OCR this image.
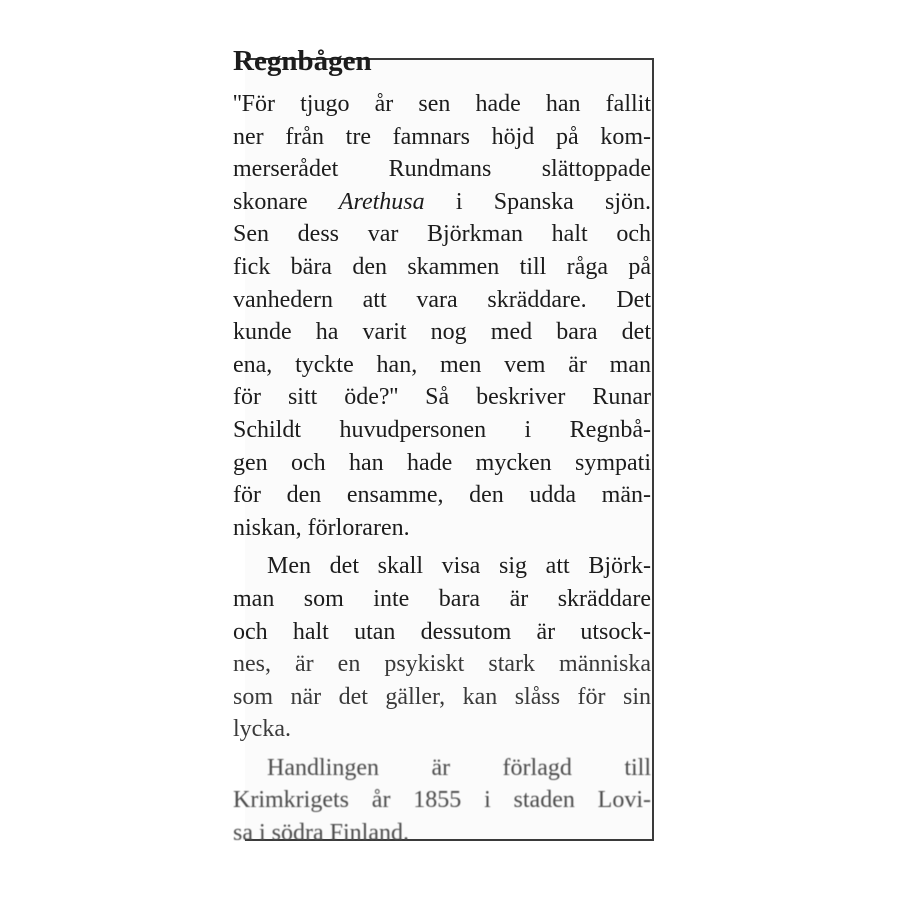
Regnbågen
''För tjugo år sen hade han fallit
ner från tre famnars höjd på kom-
merserådet Rundmans slättoppade
skonare Arethusa i Spanska sjön.
Sen dess var Björkman halt och
fick bära den skammen till råga på
vanhedern att vara skräddare. Det
kunde ha varit nog med bara det
ena, tyckte han, men vem är man
för sitt öde?'' Så beskriver Runar
Schildt huvudpersonen i Regnbå-
gen och han hade mycken sympati
för den ensamme, den udda män-
niskan, förloraren.
Men det skall visa sig att Björk-
man som inte bara är skräddare
och halt utan dessutom är utsock-
nes, är en psykiskt stark människa
som när det gäller, kan slåss för sin
lycka.
Handlingen är förlagd till
Krimkrigets år 1855 i staden Lovi-
sa i södra Finland.
